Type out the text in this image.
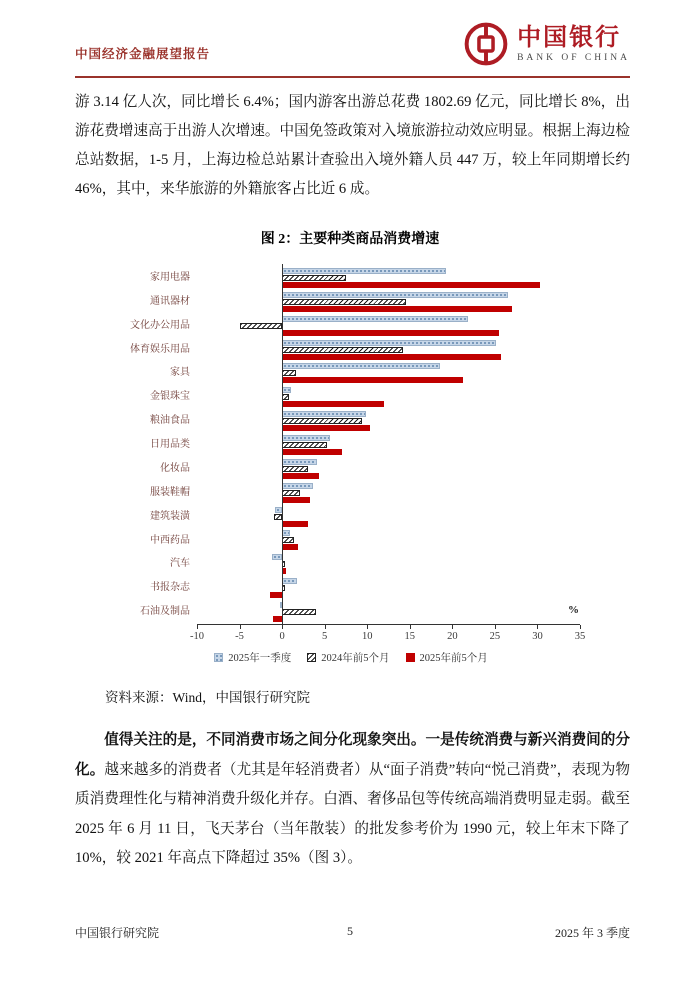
中国经济金融展望报告
中国银行
BANK OF CHINA
游 3.14 亿人次，同比增长 6.4%；国内游客出游总花费 1802.69 亿元，同比增长 8%，出游花费增速高于出游人次增速。中国免签政策对入境旅游拉动效应明显。根据上海边检总站数据，1-5 月，上海边检总站累计查验出入境外籍人员 447 万，较上年同期增长约 46%，其中，来华旅游的外籍旅客占比近 6 成。
图 2：主要种类商品消费增速
%
2025年一季度	2024年前5个月	2025年前5个月
家用电器
通讯器材
文化办公用品
体育娱乐用品
家具
金银珠宝
粮油食品
日用品类
化妆品
服装鞋帽
建筑装潢
中西药品
汽车
书报杂志
石油及制品
-10	-5	0	5	10	15	20	25	30	35
资料来源：Wind，中国银行研究院
值得关注的是，不同消费市场之间分化现象突出。一是传统消费与新兴消费间的分化。越来越多的消费者（尤其是年轻消费者）从“面子消费”转向“悦己消费”，表现为物质消费理性化与精神消费升级化并存。白酒、奢侈品包等传统高端消费明显走弱。截至 2025 年 6 月 11 日，飞天茅台（当年散装）的批发参考价为 1990 元，较上年末下降了 10%，较 2021 年高点下降超过 35%（图 3）。
中国银行研究院	5	2025 年 3 季度
